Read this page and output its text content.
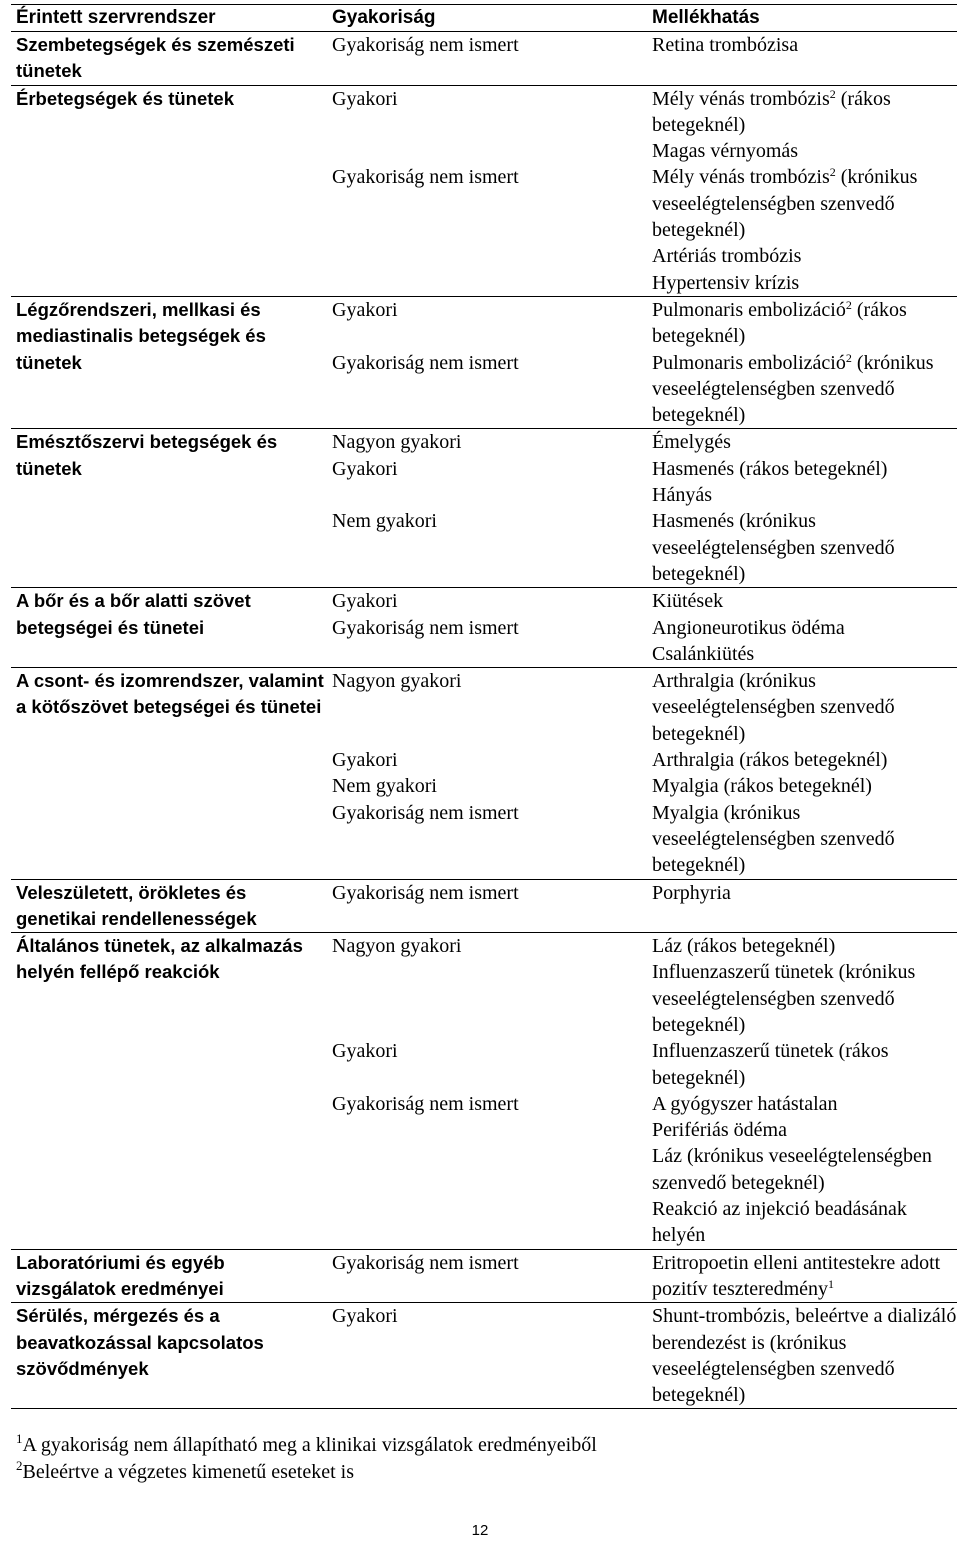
Érintett szervrendszer	Gyakoriság	Mellékhatás
Szembetegségek és szemészeti tünetek	Gyakoriság nem ismert	Retina trombózisa

Érbetegségek és tünetek	Gyakori	Mély vénás trombózis$^2$ (rákos betegeknél)
Magas vérnyomás

	Gyakoriság nem ismert	Mély vénás trombózis$^2$ (krónikus veseelégtelenségben szenvedő betegeknél)
Artériás trombózis
Hypertensiv krízis

Légzőrendszeri, mellkasi és mediastinalis betegségek és tünetek	Gyakori	Pulmonaris embolizáció$^2$ (rákos betegeknél)

	Gyakoriság nem ismert	Pulmonaris embolizáció$^2$ (krónikus veseelégtelenségben szenvedő betegeknél)

Emésztőszervi betegségek és tünetek	Nagyon gyakori	Émelygés

	Gyakori	Hasmenés (rákos betegeknél)
Hányás

	Nem gyakori	Hasmenés (krónikus veseelégtelenségben szenvedő betegeknél)

A bőr és a bőr alatti szövet betegségei és tünetei	Gyakori	Kiütések

	Gyakoriság nem ismert	Angioneurotikus ödéma
Csalánkiütés

A csont- és izomrendszer, valamint a kötőszövet betegségei és tünetei	Nagyon gyakori	Arthralgia (krónikus veseelégtelenségben szenvedő betegeknél)

	Gyakori	Arthralgia (rákos betegeknél)

	Nem gyakori	Myalgia (rákos betegeknél)

	Gyakoriság nem ismert	Myalgia (krónikus veseelégtelenségben szenvedő betegeknél)

Veleszületett, örökletes és genetikai rendellenességek	Gyakoriság nem ismert	Porphyria

Általános tünetek, az alkalmazás helyén fellépő reakciók	Nagyon gyakori	Láz (rákos betegeknél)
Influenzaszerű tünetek (krónikus veseelégtelenségben szenvedő betegeknél)

	Gyakori	Influenzaszerű tünetek (rákos betegeknél)

	Gyakoriság nem ismert	A gyógyszer hatástalan
Perifériás ödéma
Láz (krónikus veseelégtelenségben szenvedő betegeknél)
Reakció az injekció beadásának helyén

Laboratóriumi és egyéb vizsgálatok eredményei	Gyakoriság nem ismert	Eritropoetin elleni antitestekre adott pozitív teszteredmény$^1$

Sérülés, mérgezés és a beavatkozással kapcsolatos szövődmények	Gyakori	Shunt-trombózis, beleértve a dializáló berendezést is (krónikus veseelégtelenségben szenvedő betegeknél)
$^1$A gyakoriság nem állapítható meg a klinikai vizsgálatok eredményeiből
$^2$Beleértve a végzetes kimenetű eseteket is
12
